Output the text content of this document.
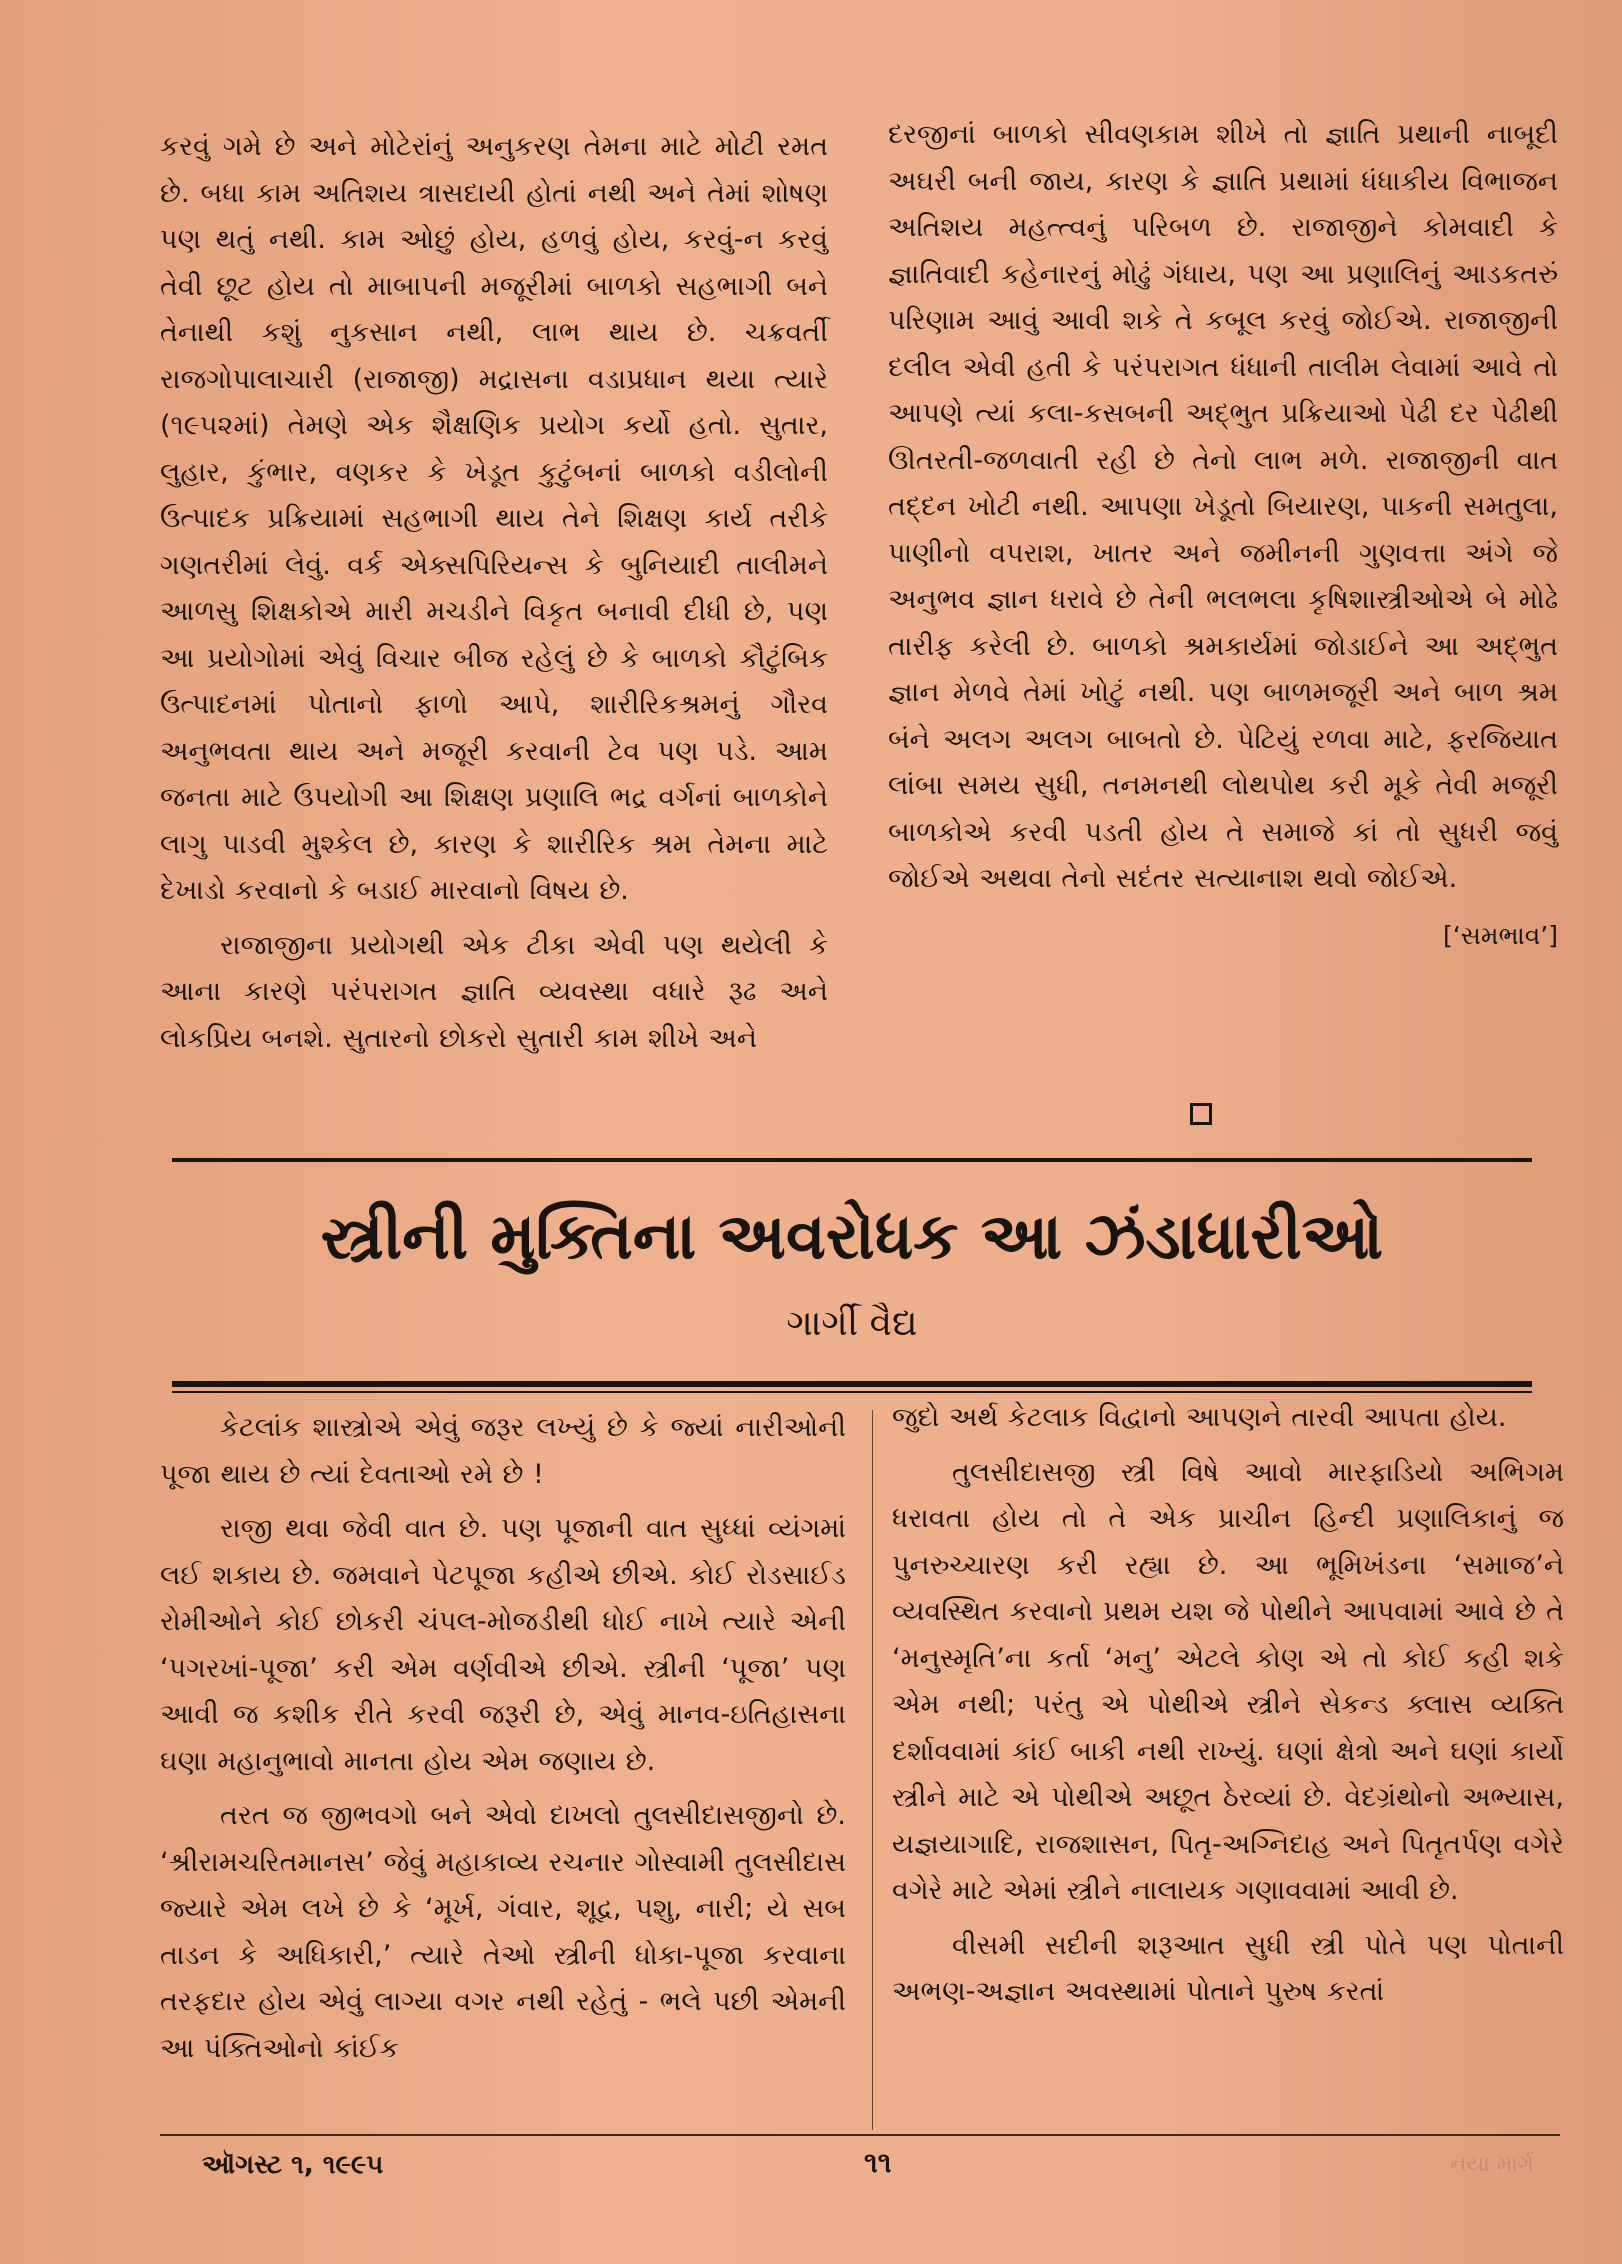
કરવું ગમે છે અને મોટેરાંનું અનુકરણ તેમના માટે મોટી રમત છે. બધા કામ અતિશય ત્રાસદાયી હોતાં નથી અને તેમાં શોષણ પણ થતું નથી. કામ ઓછું હોય, હળવું હોય, કરવું-ન કરવું તેવી છૂટ હોય તો માબાપની મજૂરીમાં બાળકો સહભાગી બને તેનાથી કશું નુકસાન નથી, લાભ થાય છે. ચક્રવર્તી રાજગોપાલાચારી (રાજાજી) મદ્રાસના વડાપ્રધાન થયા ત્યારે (૧૯૫૨માં) તેમણે એક શૈક્ષણિક પ્રયોગ કર્યો હતો. સુતાર, લુહાર, કુંભાર, વણકર કે ખેડૂત કુટુંબનાં બાળકો વડીલોની ઉત્પાદક પ્રક્રિયામાં સહભાગી થાય તેને શિક્ષણ કાર્ય તરીકે ગણતરીમાં લેવું. વર્ક એક્સપિરિયન્સ કે બુનિયાદી તાલીમને આળસુ શિક્ષકોએ મારી મચડીને વિકૃત બનાવી દીધી છે, પણ આ પ્રયોગોમાં એવું વિચાર બીજ રહેલું છે કે બાળકો કૌટુંબિક ઉત્પાદનમાં પોતાનો ફાળો આપે, શારીરિકશ્રમનું ગૌરવ અનુભવતા થાય અને મજૂરી કરવાની ટેવ પણ પડે. આમ જનતા માટે ઉપયોગી આ શિક્ષણ પ્રણાલિ ભદ્ર વર્ગનાં બાળકોને લાગુ પાડવી મુશ્કેલ છે, કારણ કે શારીરિક શ્રમ તેમના માટે દેખાડો કરવાનો કે બડાઈ મારવાનો વિષય છે.

રાજાજીના પ્રયોગથી એક ટીકા એવી પણ થયેલી કે આના કારણે પરંપરાગત જ્ઞાતિ વ્યવસ્થા વધારે રૂઢ અને લોકપ્રિય બનશે. સુતારનો છોકરો સુતારી કામ શીખે અને

દરજીનાં બાળકો સીવણકામ શીખે તો જ્ઞાતિ પ્રથાની નાબૂદી અઘરી બની જાય, કારણ કે જ્ઞાતિ પ્રથામાં ધંધાકીય વિભાજન અતિશય મહત્ત્વનું પરિબળ છે. રાજાજીને કોમવાદી કે જ્ઞાતિવાદી કહેનારનું મોઢું ગંધાય, પણ આ પ્રણાલિનું આડકતરું પરિણામ આવું આવી શકે તે કબૂલ કરવું જોઈએ. રાજાજીની દલીલ એવી હતી કે પરંપરાગત ધંધાની તાલીમ લેવામાં આવે તો આપણે ત્યાં કલા-કસબની અદ્ભુત પ્રક્રિયાઓ પેઢી દર પેઢીથી ઊતરતી-જળવાતી રહી છે તેનો લાભ મળે. રાજાજીની વાત તદ્દન ખોટી નથી. આપણા ખેડૂતો બિયારણ, પાકની સમતુલા, પાણીનો વપરાશ, ખાતર અને જમીનની ગુણવત્તા અંગે જે અનુભવ જ્ઞાન ધરાવે છે તેની ભલભલા કૃષિશાસ્ત્રીઓએ બે મોઢે તારીફ કરેલી છે. બાળકો શ્રમકાર્યમાં જોડાઈને આ અદ્ભુત જ્ઞાન મેળવે તેમાં ખોટું નથી. પણ બાળમજૂરી અને બાળ શ્રમ બંને અલગ અલગ બાબતો છે. પેટિયું રળવા માટે, ફરજિયાત લાંબા સમય સુધી, તનમનથી લોથપોથ કરી મૂકે તેવી મજૂરી બાળકોએ કરવી પડતી હોય તે સમાજે કાં તો સુધરી જવું જોઈએ અથવા તેનો સદંતર સત્યાનાશ થવો જોઈએ.

[‘સમભાવ’]
સ્ત્રીની મુક્તિના અવરોધક આ ઝંડાધારીઓ
ગાર્ગી વૈદ્ય

કેટલાંક શાસ્ત્રોએ એવું જરૂર લખ્યું છે કે જ્યાં નારીઓની પૂજા થાય છે ત્યાં દેવતાઓ રમે છે !

રાજી થવા જેવી વાત છે. પણ પૂજાની વાત સુધ્ધાં વ્યંગમાં લઈ શકાય છે. જમવાને પેટપૂજા કહીએ છીએ. કોઈ રોડસાઈડ રોમીઓને કોઈ છોકરી ચંપલ-મોજડીથી ધોઈ નાખે ત્યારે એની ‘પગરખાં-પૂજા’ કરી એમ વર્ણવીએ છીએ. સ્ત્રીની ‘પૂજા’ પણ આવી જ કશીક રીતે કરવી જરૂરી છે, એવું માનવ-ઇતિહાસના ઘણા મહાનુભાવો માનતા હોય એમ જણાય છે.

તરત જ જીભવગો બને એવો દાખલો તુલસીદાસજીનો છે. ‘શ્રીરામચરિતમાનસ’ જેવું મહાકાવ્ય રચનાર ગોસ્વામી તુલસીદાસ જ્યારે એમ લખે છે કે ‘મૂર્ખ, ગંવાર, શૂદ્ર, પશુ, નારી; યે સબ તાડન કે અધિકારી,’ ત્યારે તેઓ સ્ત્રીની ધોકા-પૂજા કરવાના તરફદાર હોય એવું લાગ્યા વગર નથી રહેતું - ભલે પછી એમની આ પંક્તિઓનો કાંઈક

જુદો અર્થ કેટલાક વિદ્વાનો આપણને તારવી આપતા હોય.

તુલસીદાસજી સ્ત્રી વિષે આવો મારફાડિયો અભિગમ ધરાવતા હોય તો તે એક પ્રાચીન હિન્દી પ્રણાલિકાનું જ પુનરુચ્ચારણ કરી રહ્યા છે. આ ભૂમિખંડના ‘સમાજ’ને વ્યવસ્થિત કરવાનો પ્રથમ યશ જે પોથીને આપવામાં આવે છે તે ‘મનુસ્મૃતિ’ના કર્તા ‘મનુ’ એટલે કોણ એ તો કોઈ કહી શકે એમ નથી; પરંતુ એ પોથીએ સ્ત્રીને સેકન્ડ ક્લાસ વ્યક્તિ દર્શાવવામાં કાંઈ બાકી નથી રાખ્યું. ઘણાં ક્ષેત્રો અને ઘણાં કાર્યો સ્ત્રીને માટે એ પોથીએ અછૂત ઠેરવ્યાં છે. વેદગ્રંથોનો અભ્યાસ, યજ્ઞયાગાદિ, રાજશાસન, પિતૃ-અગ્નિદાહ અને પિતૃતર્પણ વગેરે વગેરે માટે એમાં સ્ત્રીને નાલાયક ગણાવવામાં આવી છે.

વીસમી સદીની શરૂઆત સુધી સ્ત્રી પોતે પણ પોતાની અભણ-અજ્ઞાન અવસ્થામાં પોતાને પુરુષ કરતાં

ઑગસ્ટ ૧, ૧૯૯૫	૧૧	નયા માર્ગ
